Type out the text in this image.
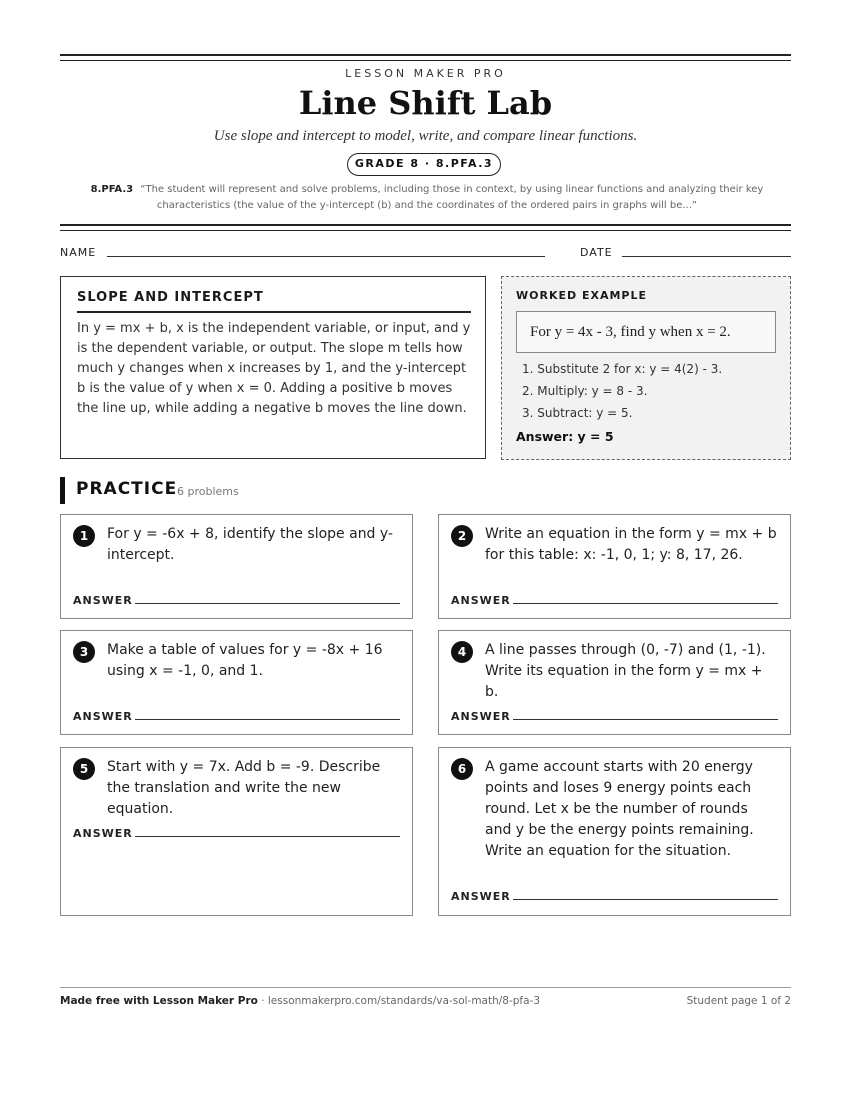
LESSON MAKER PRO
Line Shift Lab
Use slope and intercept to model, write, and compare linear functions.
GRADE 8 · 8.PFA.3
8.PFA.3 “The student will represent and solve problems, including those in context, by using linear functions and analyzing their key characteristics (the value of the y-intercept (b) and the coordinates of the ordered pairs in graphs will be...”
NAME	DATE
SLOPE AND INTERCEPT

In y = mx + b, x is the independent variable, or input, and y is the dependent variable, or output. The slope m tells how much y changes when x increases by 1, and the y-intercept b is the value of y when x = 0. Adding a positive b moves the line up, while adding a negative b moves the line down.

WORKED EXAMPLE
For y = 4x - 3, find y when x = 2.
1. Substitute 2 for x: y = 4(2) - 3.
2. Multiply: y = 8 - 3.
3. Subtract: y = 5.
Answer: y = 5
PRACTICE 6 problems
1	For y = -6x + 8, identify the slope and y-intercept.
ANSWER
2	Write an equation in the form y = mx + b for this table: x: -1, 0, 1; y: 8, 17, 26.
ANSWER
3	Make a table of values for y = -8x + 16 using x = -1, 0, and 1.
ANSWER
4	A line passes through (0, -7) and (1, -1). Write its equation in the form y = mx + b.
ANSWER
5	Start with y = 7x. Add b = -9. Describe the translation and write the new equation.
ANSWER
6	A game account starts with 20 energy points and loses 9 energy points each round. Let x be the number of rounds and y be the energy points remaining. Write an equation for the situation.
ANSWER
Made free with Lesson Maker Pro · lessonmakerpro.com/standards/va-sol-math/8-pfa-3	Student page 1 of 2
